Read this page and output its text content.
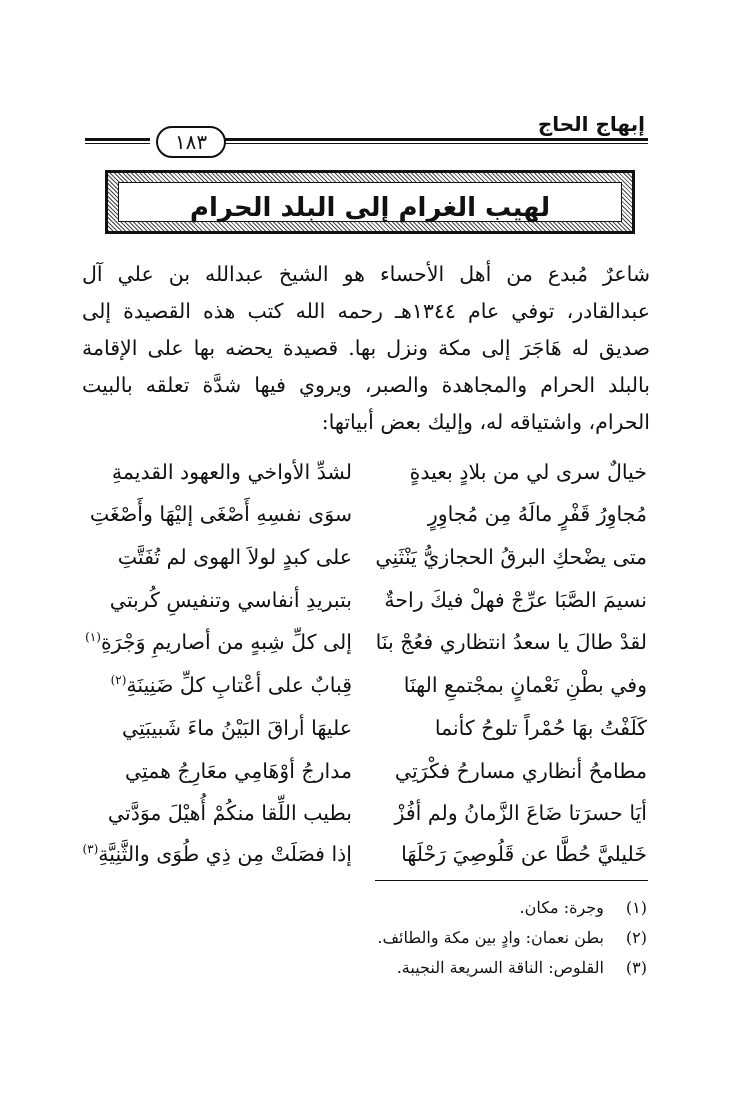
إبهاج الحاج
١٨٣
لهيب الغرام إلى البلد الحرام
شاعرٌ مُبدع من أهل الأحساء هو الشيخ عبدالله بن علي آل
عبدالقادر، توفي عام ١٣٤٤هـ رحمه الله كتب هذه القصيدة إلى
صديق له هَاجَرَ إلى مكة ونزل بها. قصيدة يحضه بها على الإقامة
بالبلد الحرام والمجاهدة والصبر، ويروي فيها شدَّة تعلقه بالبيت
الحرام، واشتياقه له، وإليك بعض أبياتها:
خيالٌ سرى لي من بلادٍ بعيدةٍ
لشدِّ الأواخي والعهود القديمةِ
مُجاوِرُ قَفْرٍ مالَهُ مِن مُجاوِرٍ
سوَى نفسِهِ أَصْغَى إليْهَا وأَصْغَتِ
متى يضْحكِ البرقُ الحجازيُّ يَنْثَنِي
على كبدٍ لولاَ الهوى لم تُفَتَّتِ
نسيمَ الصَّبَا عرِّجْ فهلْ فيكَ راحةٌ
بتبريدِ أنفاسي وتنفيسِ كُربتي
لقدْ طالَ يا سعدُ انتظاري فعُجْ بنَا
إلى كلِّ شِبهٍ من أصاريمِ وَجْرَةِ$^{(١)}$
وفي بطْنِ نَعْمانٍ بمجْتمعِ الهنَا
قِبابٌ على أعْتابِ كلِّ ضَنِينَةِ$^{(٢)}$
كَلَفْتُ بهَا حُمْراً تلوحُ كأنما
عليهَا أراقَ البَيْنُ ماءَ شَبيبَتِي
مطامحُ أنظاري مسارحُ فكْرَتِي
مدارجُ أوْهَامِي معَارِجُ همتِي
أيَا حسرَتا ضَاعَ الزَّمانُ ولم أفُزْ
بطيب اللِّقا منكُمْ أُهيْلَ موَدَّتي
خَليليَّ حُطَّا عن قَلُوصِيَ رَحْلَهَا
إذا فصَلَتْ مِن ذِي طُوَى والثَّنِيَّةِ$^{(٣)}$
(١) وجرة: مكان.
(٢) بطن نعمان: وادٍ بين مكة والطائف.
(٣) القلوص: الناقة السريعة النجيبة.
